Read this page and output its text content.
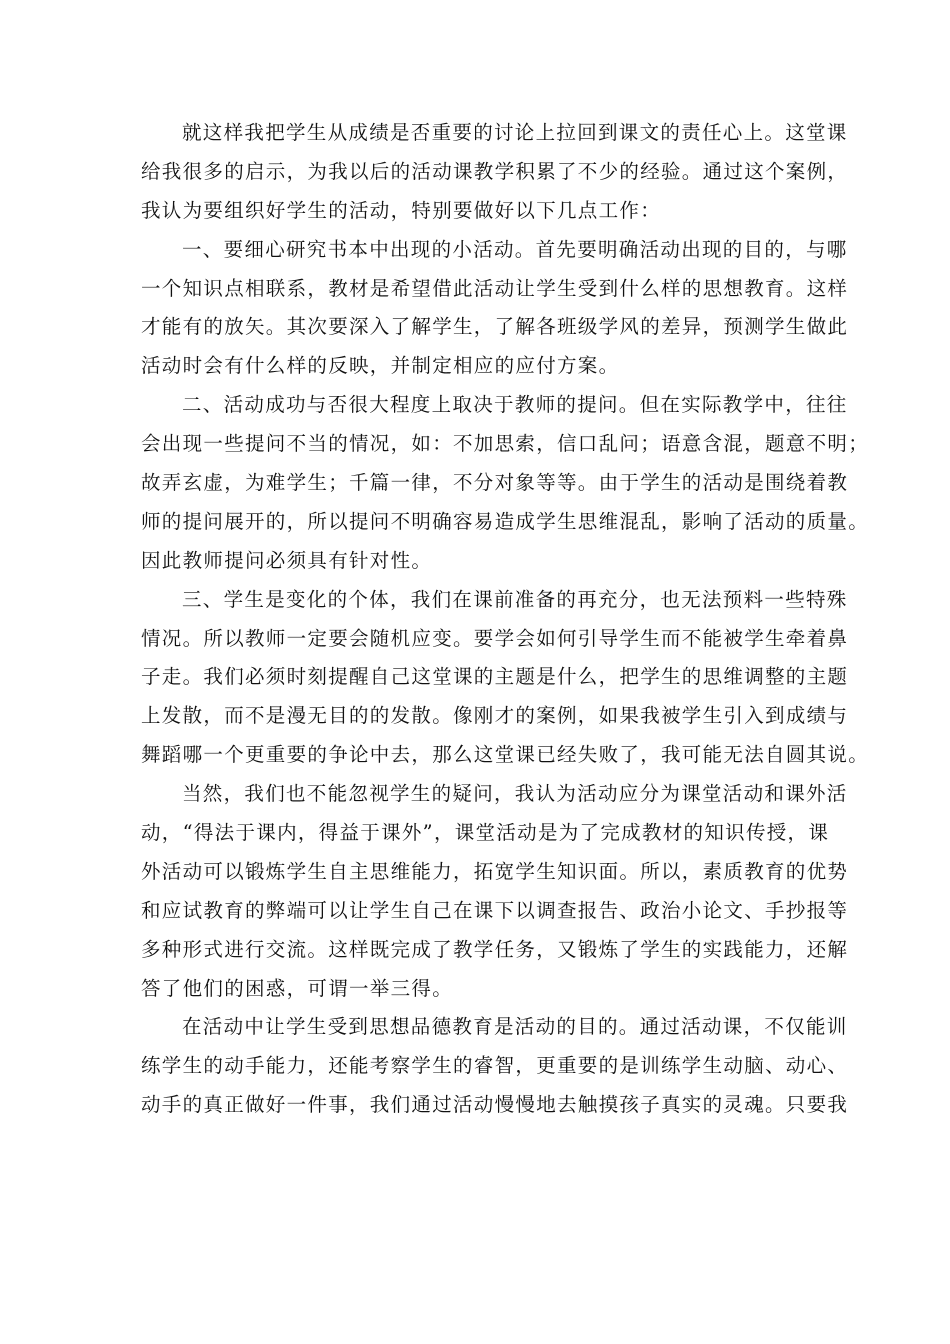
就这样我把学生从成绩是否重要的讨论上拉回到课文的责任心上。这堂课
给我很多的启示，为我以后的活动课教学积累了不少的经验。通过这个案例，
我认为要组织好学生的活动，特别要做好以下几点工作：
一、要细心研究书本中出现的小活动。首先要明确活动出现的目的，与哪
一个知识点相联系，教材是希望借此活动让学生受到什么样的思想教育。这样
才能有的放矢。其次要深入了解学生，了解各班级学风的差异，预测学生做此
活动时会有什么样的反映，并制定相应的应付方案。
二、活动成功与否很大程度上取决于教师的提问。但在实际教学中，往往
会出现一些提问不当的情况，如：不加思索，信口乱问；语意含混，题意不明；
故弄玄虚，为难学生；千篇一律，不分对象等等。由于学生的活动是围绕着教
师的提问展开的，所以提问不明确容易造成学生思维混乱，影响了活动的质量。
因此教师提问必须具有针对性。
三、学生是变化的个体，我们在课前准备的再充分，也无法预料一些特殊
情况。所以教师一定要会随机应变。要学会如何引导学生而不能被学生牵着鼻
子走。我们必须时刻提醒自己这堂课的主题是什么，把学生的思维调整的主题
上发散，而不是漫无目的的发散。像刚才的案例，如果我被学生引入到成绩与
舞蹈哪一个更重要的争论中去，那么这堂课已经失败了，我可能无法自圆其说。
当然，我们也不能忽视学生的疑问，我认为活动应分为课堂活动和课外活
动，“得法于课内，得益于课外”，课堂活动是为了完成教材的知识传授，课
外活动可以锻炼学生自主思维能力，拓宽学生知识面。所以，素质教育的优势
和应试教育的弊端可以让学生自己在课下以调查报告、政治小论文、手抄报等
多种形式进行交流。这样既完成了教学任务，又锻炼了学生的实践能力，还解
答了他们的困惑，可谓一举三得。
在活动中让学生受到思想品德教育是活动的目的。通过活动课，不仅能训
练学生的动手能力，还能考察学生的睿智，更重要的是训练学生动脑、动心、
动手的真正做好一件事，我们通过活动慢慢地去触摸孩子真实的灵魂。只要我
